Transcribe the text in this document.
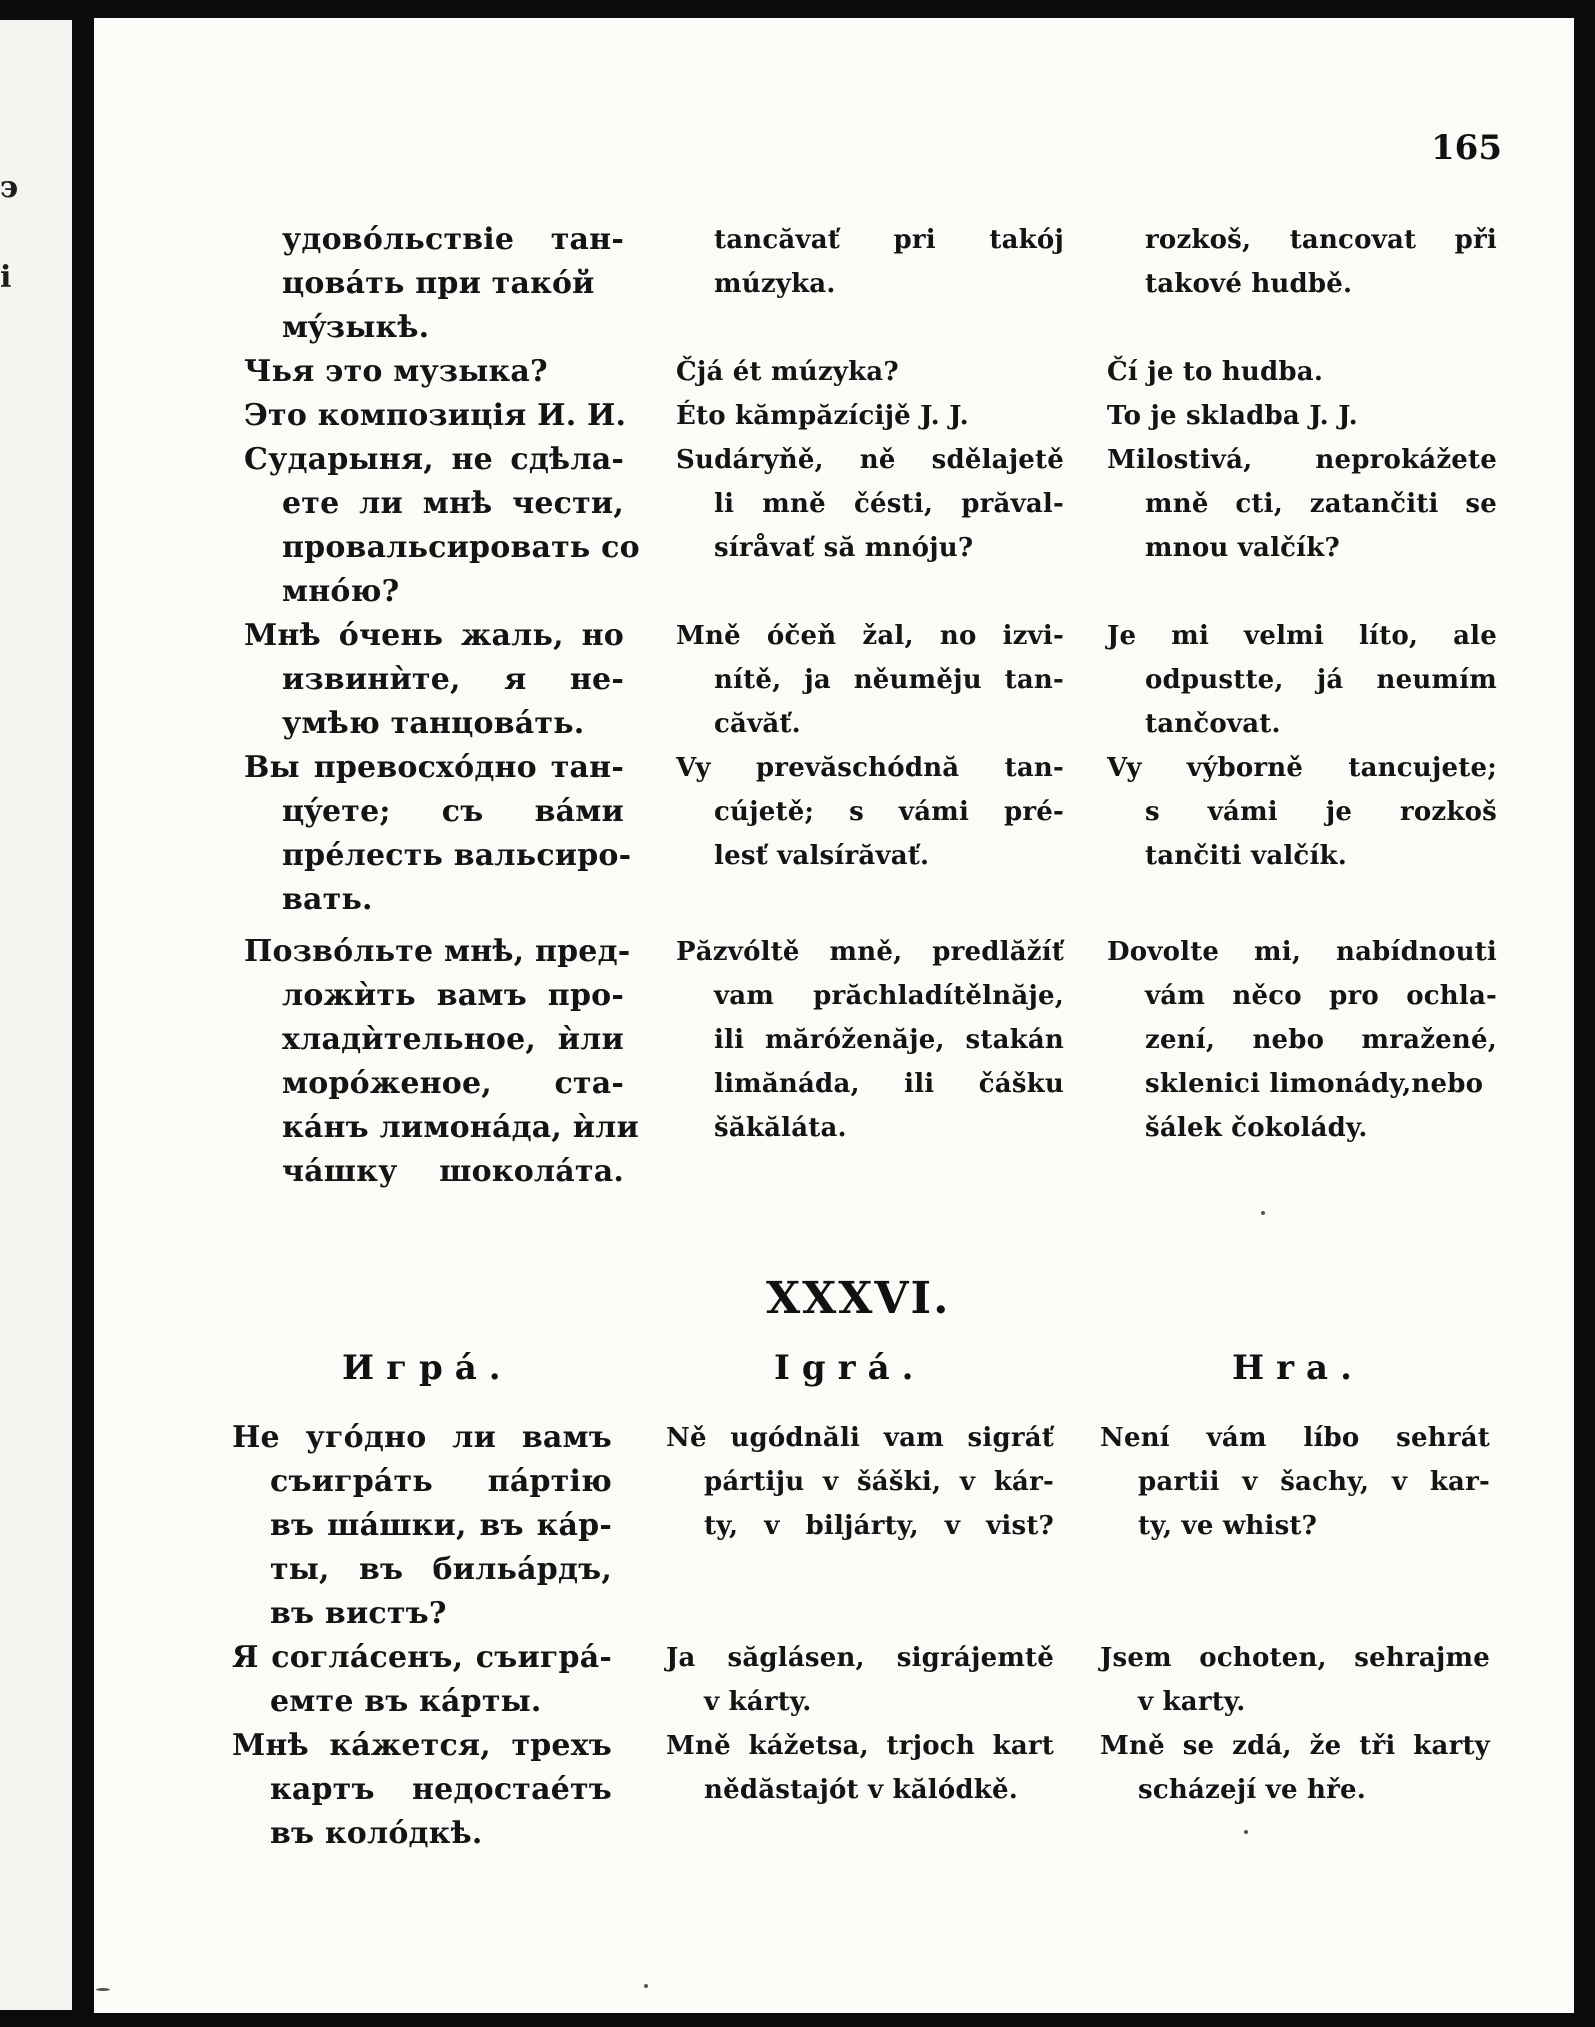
э
i
165

удовóльствіе тан-
цовáть при такóй
мýзыкѣ.

Чья это музыка?

Это композиція И. И.

Сударыня, не сдѣла-
ете ли мнѣ чести,
провальсировать со
мнóю?

Мнѣ óчень жаль, но
извинѝте, я не-
умѣю танцовáть.

Вы превосхóдно тан-
цýете; съ вáми
прéлесть вальсиро-
вать.

Позвóльте мнѣ, пред-
ложѝть вамъ про-
хладѝтельное, ѝли
морóженое, ста-
кáнъ лимонáда, ѝли
чáшку шоколáта.

tancăvať pri takój
múzyka.

Čjá ét múzyka?

Éto kămpăzícijě J. J.

Sudáryňě, ně sdělajetě
li mně čésti, prăval-
síråvať să mnóju?

Mně óčeň žal, no izvi-
nítě, ja něuměju tan-
căvăť.

Vy prevăschódnă tan-
cújetě; s vámi pré-
lesť valsírăvať.

Păzvóltě mně, predlăžíť
vam prăchladítělnăje,
ili mărόženăje, stakán
limănáda, ili čášku
šăkăláta.

rozkoš, tancovat při
takové hudbě.

Čí je to hudba.

To je skladba J. J.

Milostivá, neprokážete
mně cti, zatančiti se
mnou valčík?

Je mi velmi líto, ale
odpustte, já neumím
tančovat.

Vy výborně tancujete;
s vámi je rozkoš
tančiti valčík.

Dovolte mi, nabídnouti
vám něco pro ochla-
zení, nebo mražené,
sklenici limonády,nebo
šálek čokolády.

XXXVI.
Игрá.	Igrá.	Hra.

Не угóдно ли вамъ
съигрáть пáртію
въ шáшки, въ кáр-
ты, въ бильáрдъ,
въ вистъ?

Я соглáсенъ, съигрá-
емте въ кáрты.

Мнѣ кáжется, трехъ
картъ недостаéтъ
въ колóдкѣ.

Ně ugódnăli vam sigráť
pártiju v šáški, v kár-
ty, v biljárty, v vist?

Ja săglásen, sigrájemtě
v kárty.

Mně kážetsa, trjoch kart
nědăstajót v kălódkě.

Není vám líbo sehrát
partii v šachy, v kar-
ty, ve whist?

Jsem ochoten, sehrajme
v karty.

Mně se zdá, že tři karty
scházejí ve hře.
